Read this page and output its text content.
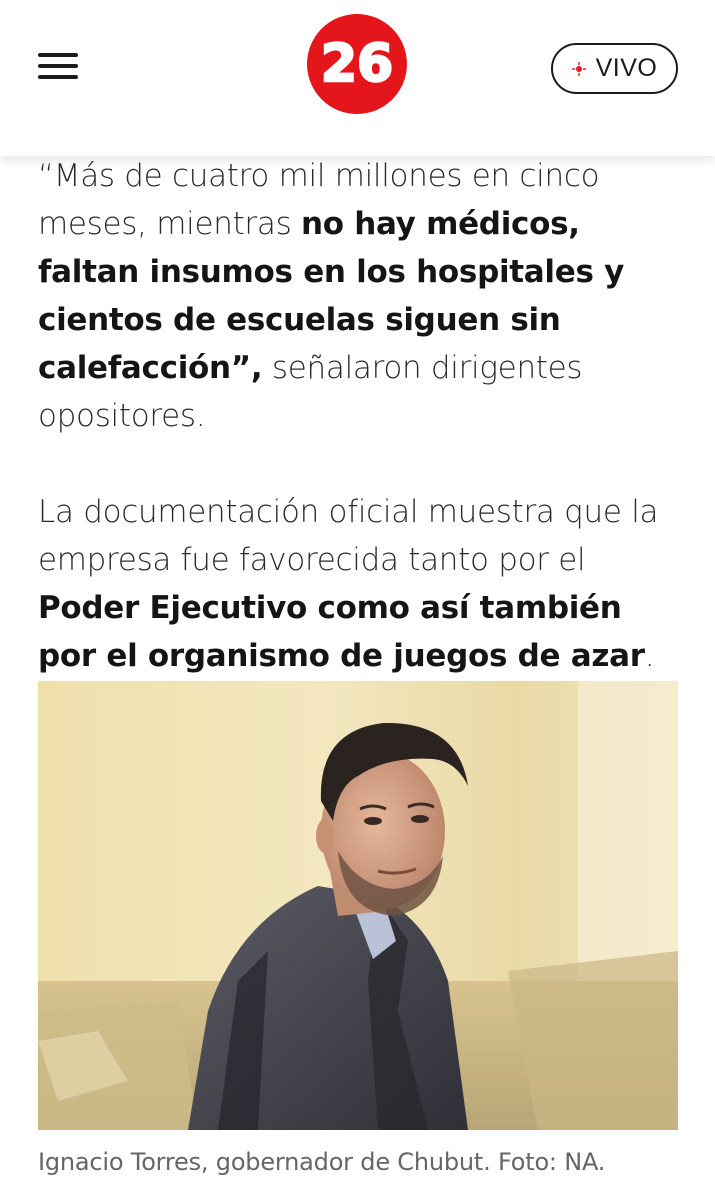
26	VIVO

“Más de cuatro mil millones en cinco meses, mientras no hay médicos, faltan insumos en los hospitales y cientos de escuelas siguen sin calefacción”, señalaron dirigentes opositores.

La documentación oficial muestra que la empresa fue favorecida tanto por el Poder Ejecutivo como así también por el organismo de juegos de azar.

Ignacio Torres, gobernador de Chubut. Foto: NA.
